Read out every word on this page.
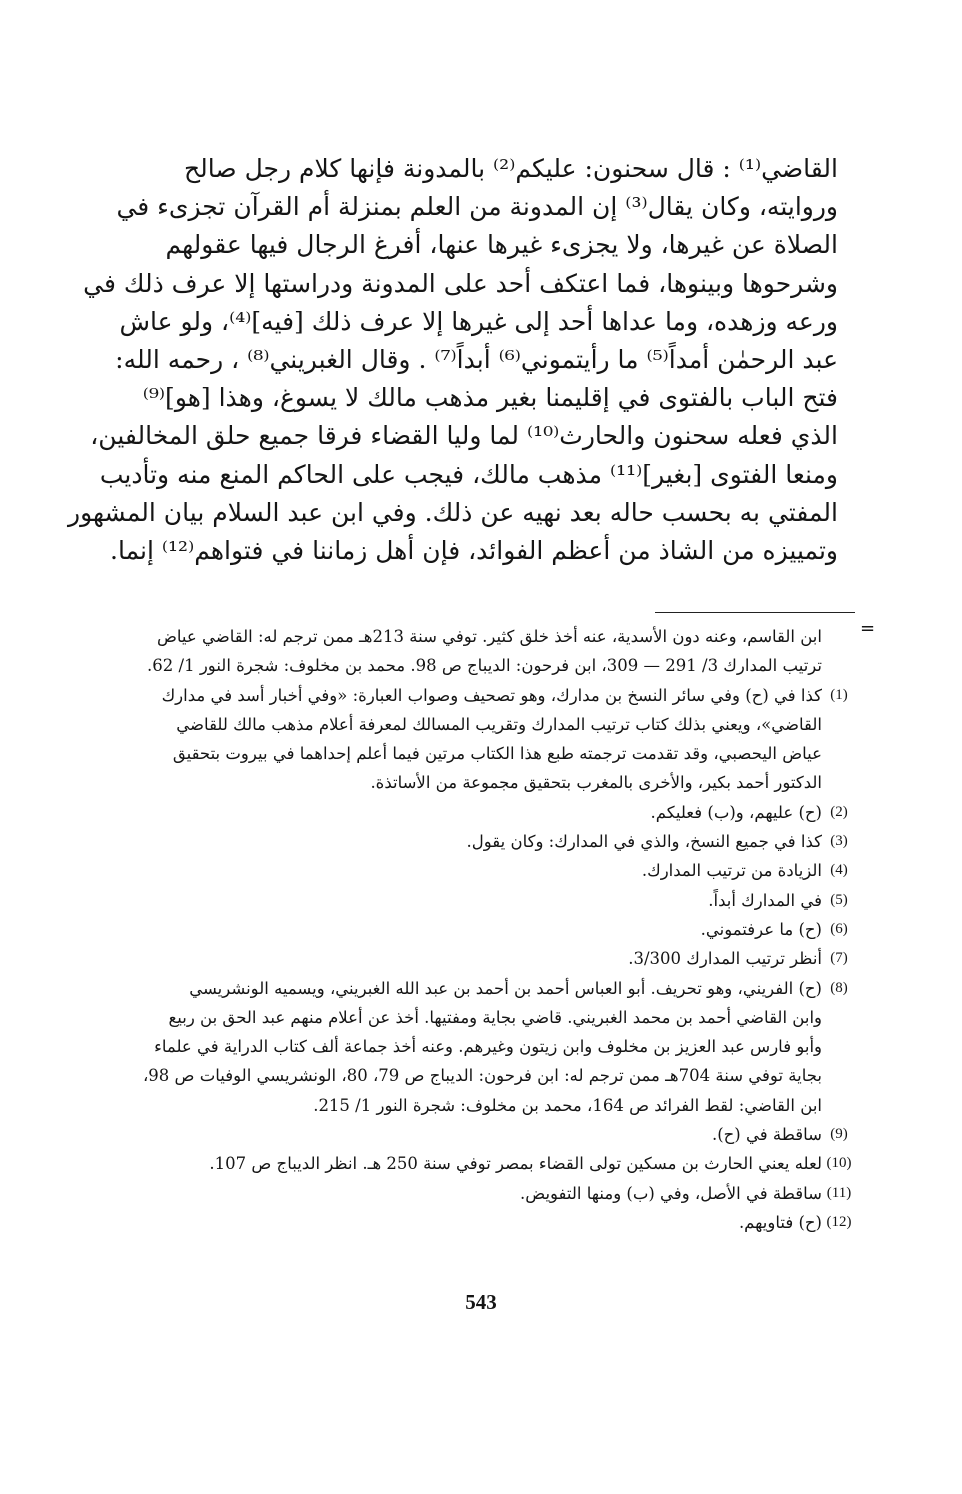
القاضي⁽¹⁾ : قال سحنون: عليكم⁽²⁾ بالمدونة فإنها كلام رجل صالح
وروايته، وكان يقال⁽³⁾ إن المدونة من العلم بمنزلة أم القرآن تجزىء في
الصلاة عن غيرها، ولا يجزىء غيرها عنها، أفرغ الرجال فيها عقولهم
وشرحوها وبينوها، فما اعتكف أحد على المدونة ودراستها إلا عرف ذلك في
ورعه وزهده، وما عداها أحد إلى غيرها إلا عرف ذلك [فيه]⁽⁴⁾، ولو عاش
عبد الرحمٰن أمداً⁽⁵⁾ ما رأيتموني⁽⁶⁾ أبداً⁽⁷⁾ . وقال الغبريني⁽⁸⁾ ، رحمه الله:
فتح الباب بالفتوى في إقليمنا بغير مذهب مالك لا يسوغ، وهذا [هو]⁽⁹⁾
الذي فعله سحنون والحارث⁽¹⁰⁾ لما وليا القضاء فرقا جميع حلق المخالفين،
ومنعا الفتوى [بغير]⁽¹¹⁾ مذهب مالك، فيجب على الحاكم المنع منه وتأديب
المفتي به بحسب حاله بعد نهيه عن ذلك. وفي ابن عبد السلام بيان المشهور
وتمييزه من الشاذ من أعظم الفوائد، فإن أهل زماننا في فتواهم⁽¹²⁾ إنما.
=
ابن القاسم، وعنه دون الأسدية، عنه أخذ خلق كثير. توفي سنة 213هـ ممن ترجم له: القاضي عياض
ترتيب المدارك 3/ 291 — 309، ابن فرحون: الديباج ص 98. محمد بن مخلوف: شجرة النور 1/ 62.
(1)
كذا في (ح) وفي سائر النسخ بن مدارك، وهو تصحيف وصواب العبارة: «وفي أخبار أسد في مدارك
القاضي»، ويعني بذلك كتاب ترتيب المدارك وتقريب المسالك لمعرفة أعلام مذهب مالك للقاضي
عياض اليحصبي، وقد تقدمت ترجمته طبع هذا الكتاب مرتين فيما أعلم إحداهما في بيروت بتحقيق
الدكتور أحمد بكير، والأخرى بالمغرب بتحقيق مجموعة من الأساتذة.
(2)
(ح) عليهم، و(ب) فعليكم.
(3)
كذا في جميع النسخ، والذي في المدارك: وكان يقول.
(4)
الزيادة من ترتيب المدارك.
(5)
في المدارك أبداً.
(6)
(ح) ما عرفتموني.
(7)
أنظر ترتيب المدارك 3/300.
(8)
(ح) الفريني، وهو تحريف. أبو العباس أحمد بن أحمد بن عبد الله الغبريني، ويسميه الونشريسي
وابن القاضي أحمد بن محمد الغبريني. قاضي بجاية ومفتيها. أخذ عن أعلام منهم عبد الحق بن ربيع
وأبو فارس عبد العزيز بن مخلوف وابن زيتون وغيرهم. وعنه أخذ جماعة ألف كتاب الدراية في علماء
بجاية توفي سنة 704هـ ممن ترجم له: ابن فرحون: الديباج ص 79، 80، الونشريسي الوفيات ص 98،
ابن القاضي: لقط الفرائد ص 164، محمد بن مخلوف: شجرة النور 1/ 215.
(9)
ساقطة في (ح).
(10)
لعله يعني الحارث بن مسكين تولى القضاء بمصر توفي سنة 250 هـ. انظر الديباج ص 107.
(11)
ساقطة في الأصل، وفي (ب) ومنها التفويض.
(12)
(ح) فتاويهم.
543
